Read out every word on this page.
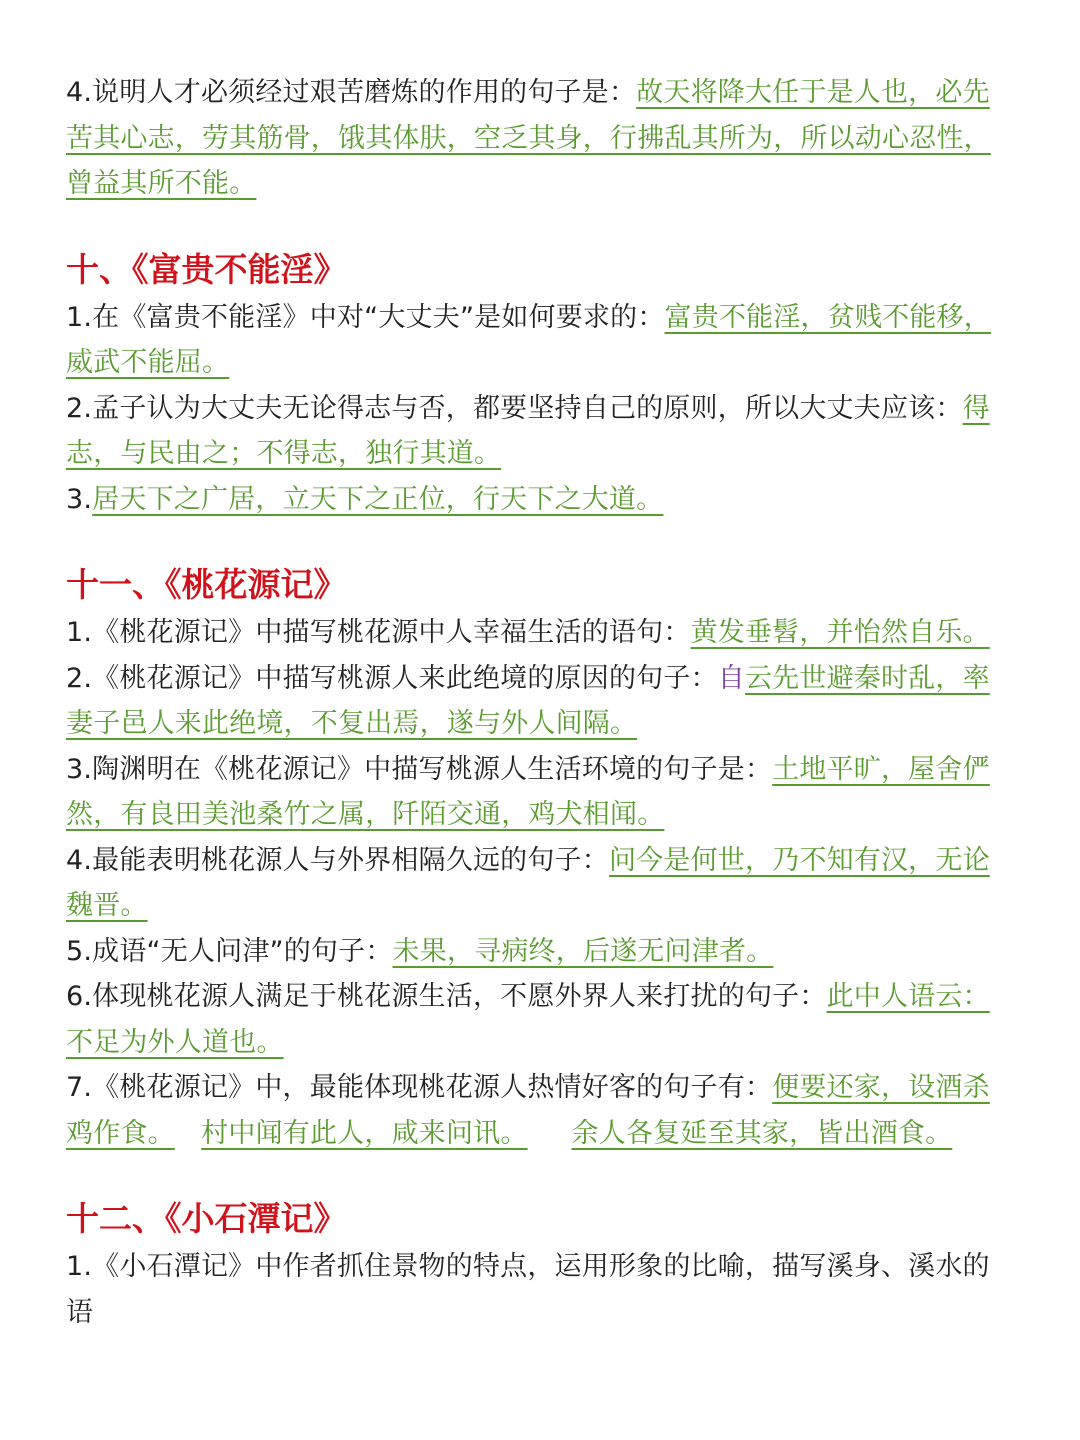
4.说明人才必须经过艰苦磨炼的作用的句子是：故天将降大任于是人也，必先苦其心志，劳其筋骨，饿其体肤，空乏其身，行拂乱其所为，所以动心忍性，曾益其所不能。

十、《富贵不能淫》

1.在《富贵不能淫》中对“大丈夫”是如何要求的：富贵不能淫，贫贱不能移，威武不能屈。

2.孟子认为大丈夫无论得志与否，都要坚持自己的原则，所以大丈夫应该：得志，与民由之；不得志，独行其道。

3.居天下之广居，立天下之正位，行天下之大道。

十一、《桃花源记》

1.《桃花源记》中描写桃花源中人幸福生活的语句：黄发垂髫，并怡然自乐。

2.《桃花源记》中描写桃源人来此绝境的原因的句子：自云先世避秦时乱，率妻子邑人来此绝境，不复出焉，遂与外人间隔。

3.陶渊明在《桃花源记》中描写桃源人生活环境的句子是：土地平旷，屋舍俨然，有良田美池桑竹之属，阡陌交通，鸡犬相闻。

4.最能表明桃花源人与外界相隔久远的句子：问今是何世，乃不知有汉，无论魏晋。

5.成语“无人问津”的句子：未果，寻病终，后遂无问津者。

6.体现桃花源人满足于桃花源生活，不愿外界人来打扰的句子：此中人语云：不足为外人道也。

7.《桃花源记》中，最能体现桃花源人热情好客的句子有：便要还家，设酒杀鸡作食。 村中闻有此人，咸来问讯。 余人各复延至其家，皆出酒食。

十二、《小石潭记》

1.《小石潭记》中作者抓住景物的特点，运用形象的比喻，描写溪身、溪水的语
